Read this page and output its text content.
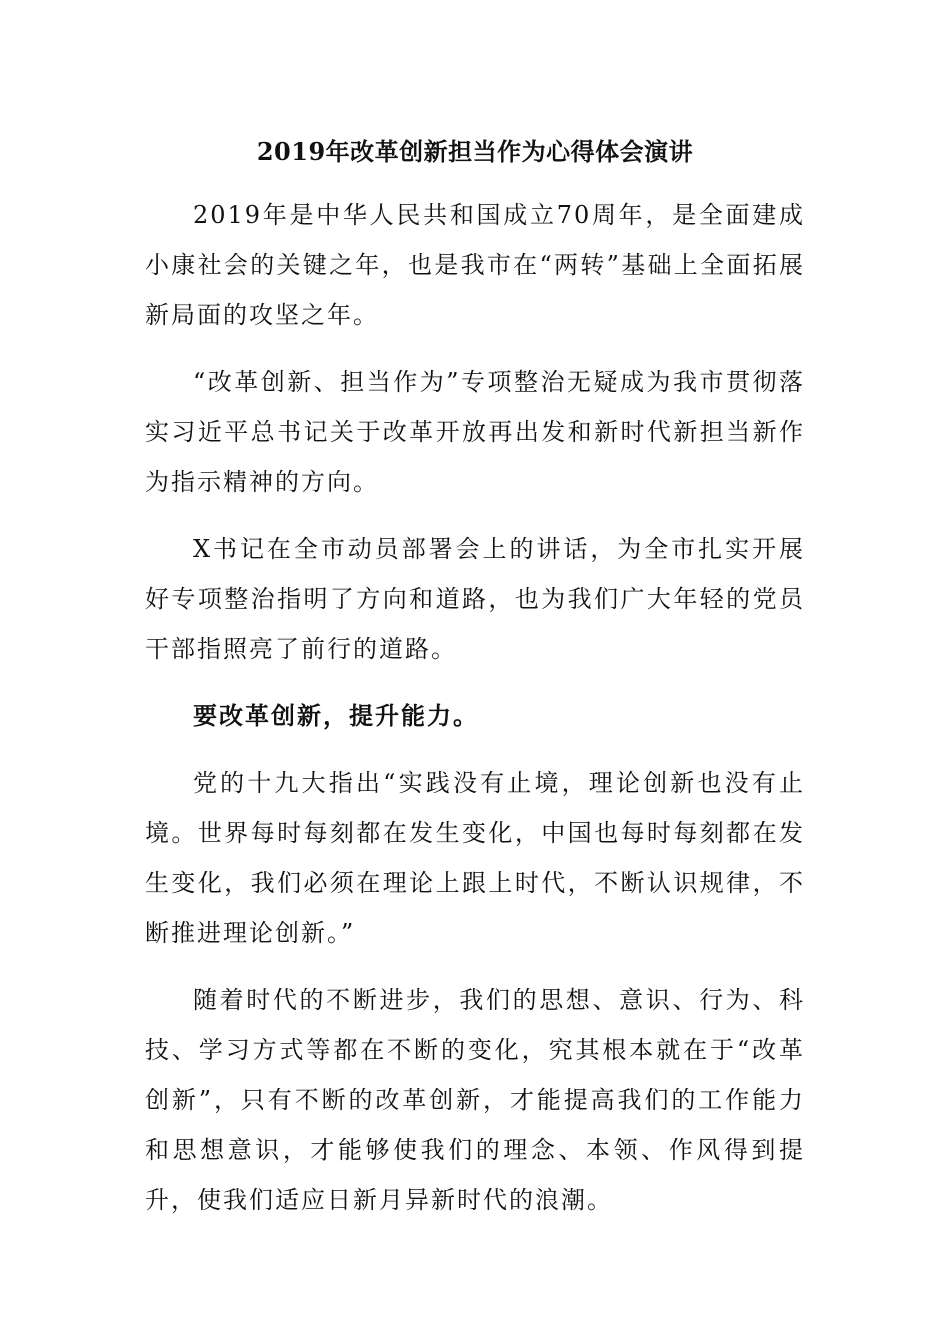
2019年改革创新担当作为心得体会演讲

2019年是中华人民共和国成立70周年，是全面建成小康社会的关键之年，也是我市在“两转”基础上全面拓展新局面的攻坚之年。

“改革创新、担当作为”专项整治无疑成为我市贯彻落实习近平总书记关于改革开放再出发和新时代新担当新作为指示精神的方向。

X书记在全市动员部署会上的讲话，为全市扎实开展好专项整治指明了方向和道路，也为我们广大年轻的党员干部指照亮了前行的道路。

要改革创新，提升能力。

党的十九大指出“实践没有止境，理论创新也没有止境。世界每时每刻都在发生变化，中国也每时每刻都在发生变化，我们必须在理论上跟上时代，不断认识规律，不断推进理论创新。”

随着时代的不断进步，我们的思想、意识、行为、科技、学习方式等都在不断的变化，究其根本就在于“改革创新”，只有不断的改革创新，才能提高我们的工作能力和思想意识，才能够使我们的理念、本领、作风得到提升，使我们适应日新月异新时代的浪潮。
